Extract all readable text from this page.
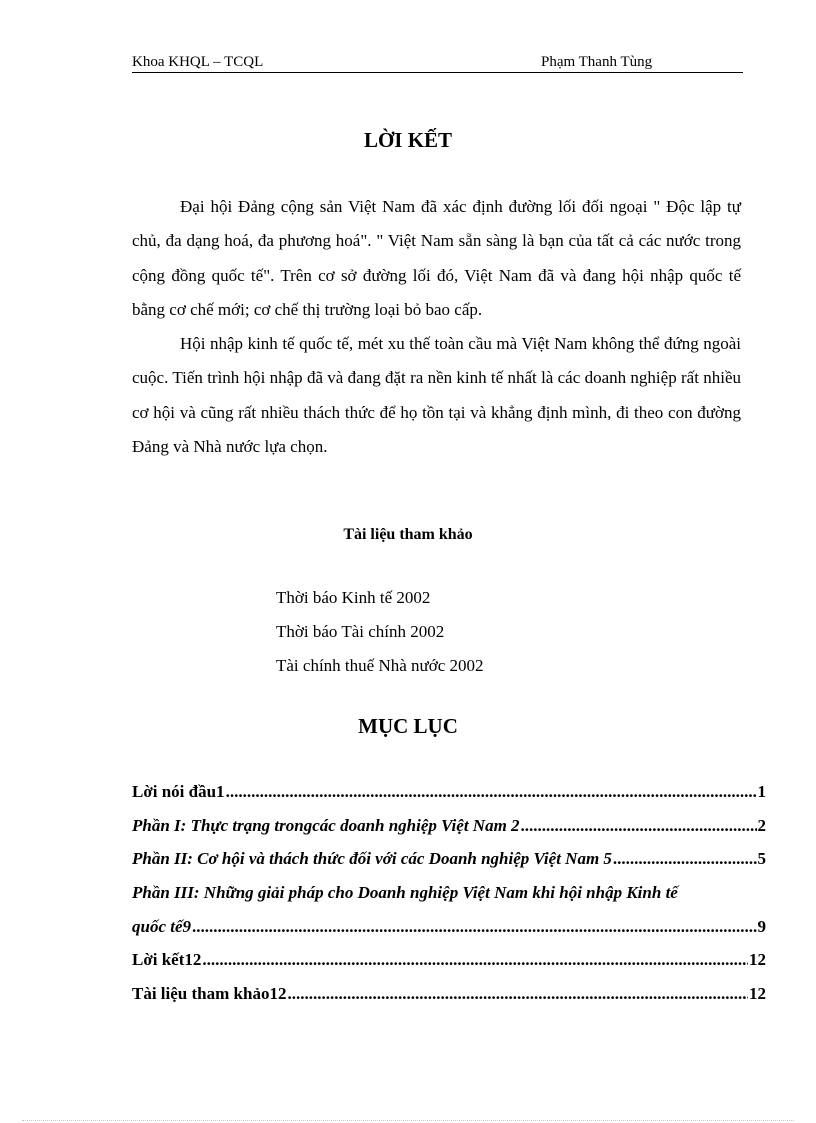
Khoa KHQL – TCQL	Phạm Thanh Tùng
LỜI KẾT

Đại hội Đảng cộng sản Việt Nam đã xác định đường lối đối ngoại " Độc lập tự chủ, đa dạng hoá, đa phương hoá". " Việt Nam sẵn sàng là bạn của tất cả các nước trong cộng đồng quốc tế". Trên cơ sở đường lối đó, Việt Nam đã và đang hội nhập quốc tế bằng cơ chế mới; cơ chế thị trường loại bỏ bao cấp.

Hội nhập kinh tế quốc tế, mét xu thế toàn cầu mà Việt Nam không thể đứng ngoài cuộc. Tiến trình hội nhập đã và đang đặt ra nền kinh tế nhất là các doanh nghiệp rất nhiều cơ hội và cũng rất nhiều thách thức để họ tồn tại và khẳng định mình, đi theo con đường Đảng và Nhà nước lựa chọn.

Tài liệu tham khảo
Thời báo Kinh tế 2002
Thời báo Tài chính 2002
Tài chính thuế Nhà nước 2002
MỤC LỤC
Lời nói đầu1 .....	1
Phần I: Thực trạng trongcác doanh nghiệp Việt Nam 2 .....	2
Phần II: Cơ hội và thách thức đối với các Doanh nghiệp Việt Nam 5 .....	5
Phần III: Những giải pháp cho Doanh nghiệp Việt Nam khi hội nhập Kinh tế
quốc tế9 .....	9
Lời kết12 .....	12
Tài liệu tham khảo12 .....	12
